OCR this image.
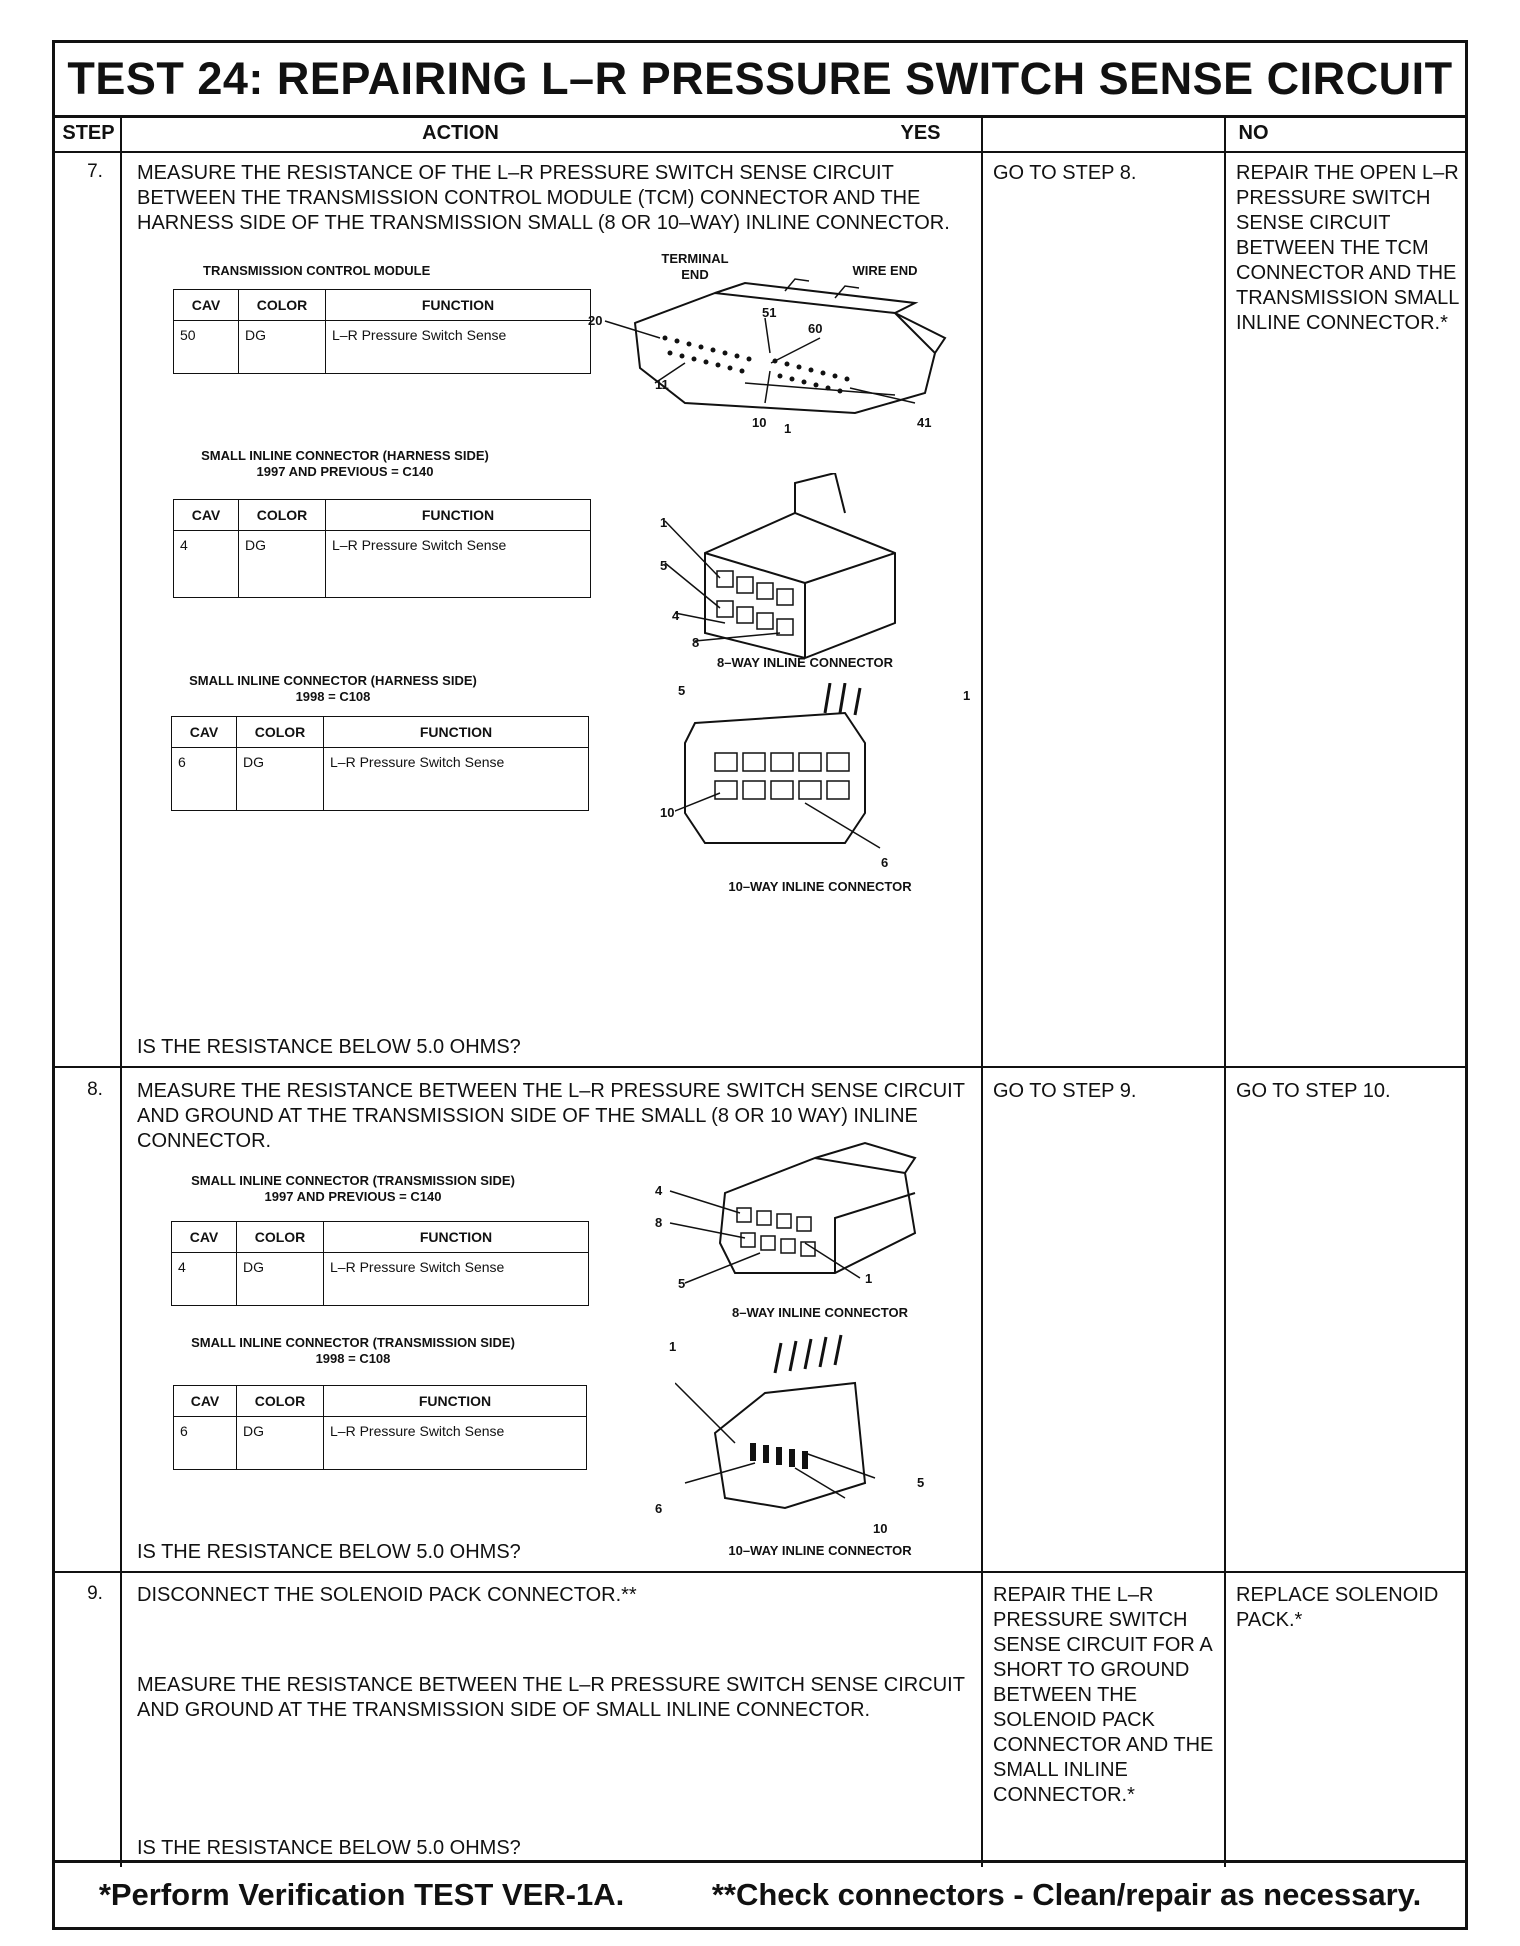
TEST 24: REPAIRING L–R PRESSURE SWITCH SENSE CIRCUIT
STEP	ACTION	YES	NO
7.	MEASURE THE RESISTANCE OF THE L–R PRESSURE SWITCH SENSE CIRCUIT BETWEEN THE TRANSMISSION CONTROL MODULE (TCM) CONNECTOR AND THE HARNESS SIDE OF THE TRANSMISSION SMALL (8 OR 10–WAY) INLINE CONNECTOR.
GO TO STEP 8.	REPAIR THE OPEN L–R PRESSURE SWITCH SENSE CIRCUIT BETWEEN THE TCM CONNECTOR AND THE TRANSMISSION SMALL INLINE CONNECTOR.*
TRANSMISSION CONTROL MODULE
CAV	COLOR	FUNCTION
50	DG	L–R Pressure Switch Sense
TERMINAL END	WIRE END
20
51
60
11
10 1	41
SMALL INLINE CONNECTOR (HARNESS SIDE)
1997 AND PREVIOUS = C140
CAV	COLOR	FUNCTION
4	DG	L–R Pressure Switch Sense
1
5
4
8
8–WAY INLINE CONNECTOR
SMALL INLINE CONNECTOR (HARNESS SIDE)
1998 = C108
CAV	COLOR	FUNCTION
6	DG	L–R Pressure Switch Sense
5	1
10
6
10–WAY INLINE CONNECTOR
IS THE RESISTANCE BELOW 5.0 OHMS?
8.	MEASURE THE RESISTANCE BETWEEN THE L–R PRESSURE SWITCH SENSE CIRCUIT AND GROUND AT THE TRANSMISSION SIDE OF THE SMALL (8 OR 10 WAY) INLINE CONNECTOR.
GO TO STEP 9.	GO TO STEP 10.
SMALL INLINE CONNECTOR (TRANSMISSION SIDE)
1997 AND PREVIOUS = C140
CAV	COLOR	FUNCTION
4	DG	L–R Pressure Switch Sense
4
8
5	1
8–WAY INLINE CONNECTOR
SMALL INLINE CONNECTOR (TRANSMISSION SIDE)
1998 = C108
CAV	COLOR	FUNCTION
6	DG	L–R Pressure Switch Sense
1
5
6
10
10–WAY INLINE CONNECTOR
IS THE RESISTANCE BELOW 5.0 OHMS?
9.	DISCONNECT THE SOLENOID PACK CONNECTOR.**
MEASURE THE RESISTANCE BETWEEN THE L–R PRESSURE SWITCH SENSE CIRCUIT AND GROUND AT THE TRANSMISSION SIDE OF SMALL INLINE CONNECTOR.
IS THE RESISTANCE BELOW 5.0 OHMS?
REPAIR THE L–R PRESSURE SWITCH SENSE CIRCUIT FOR A SHORT TO GROUND BETWEEN THE SOLENOID PACK CONNECTOR AND THE SMALL INLINE CONNECTOR.*
REPLACE SOLENOID PACK.*
*Perform Verification TEST VER-1A.	**Check connectors - Clean/repair as necessary.
